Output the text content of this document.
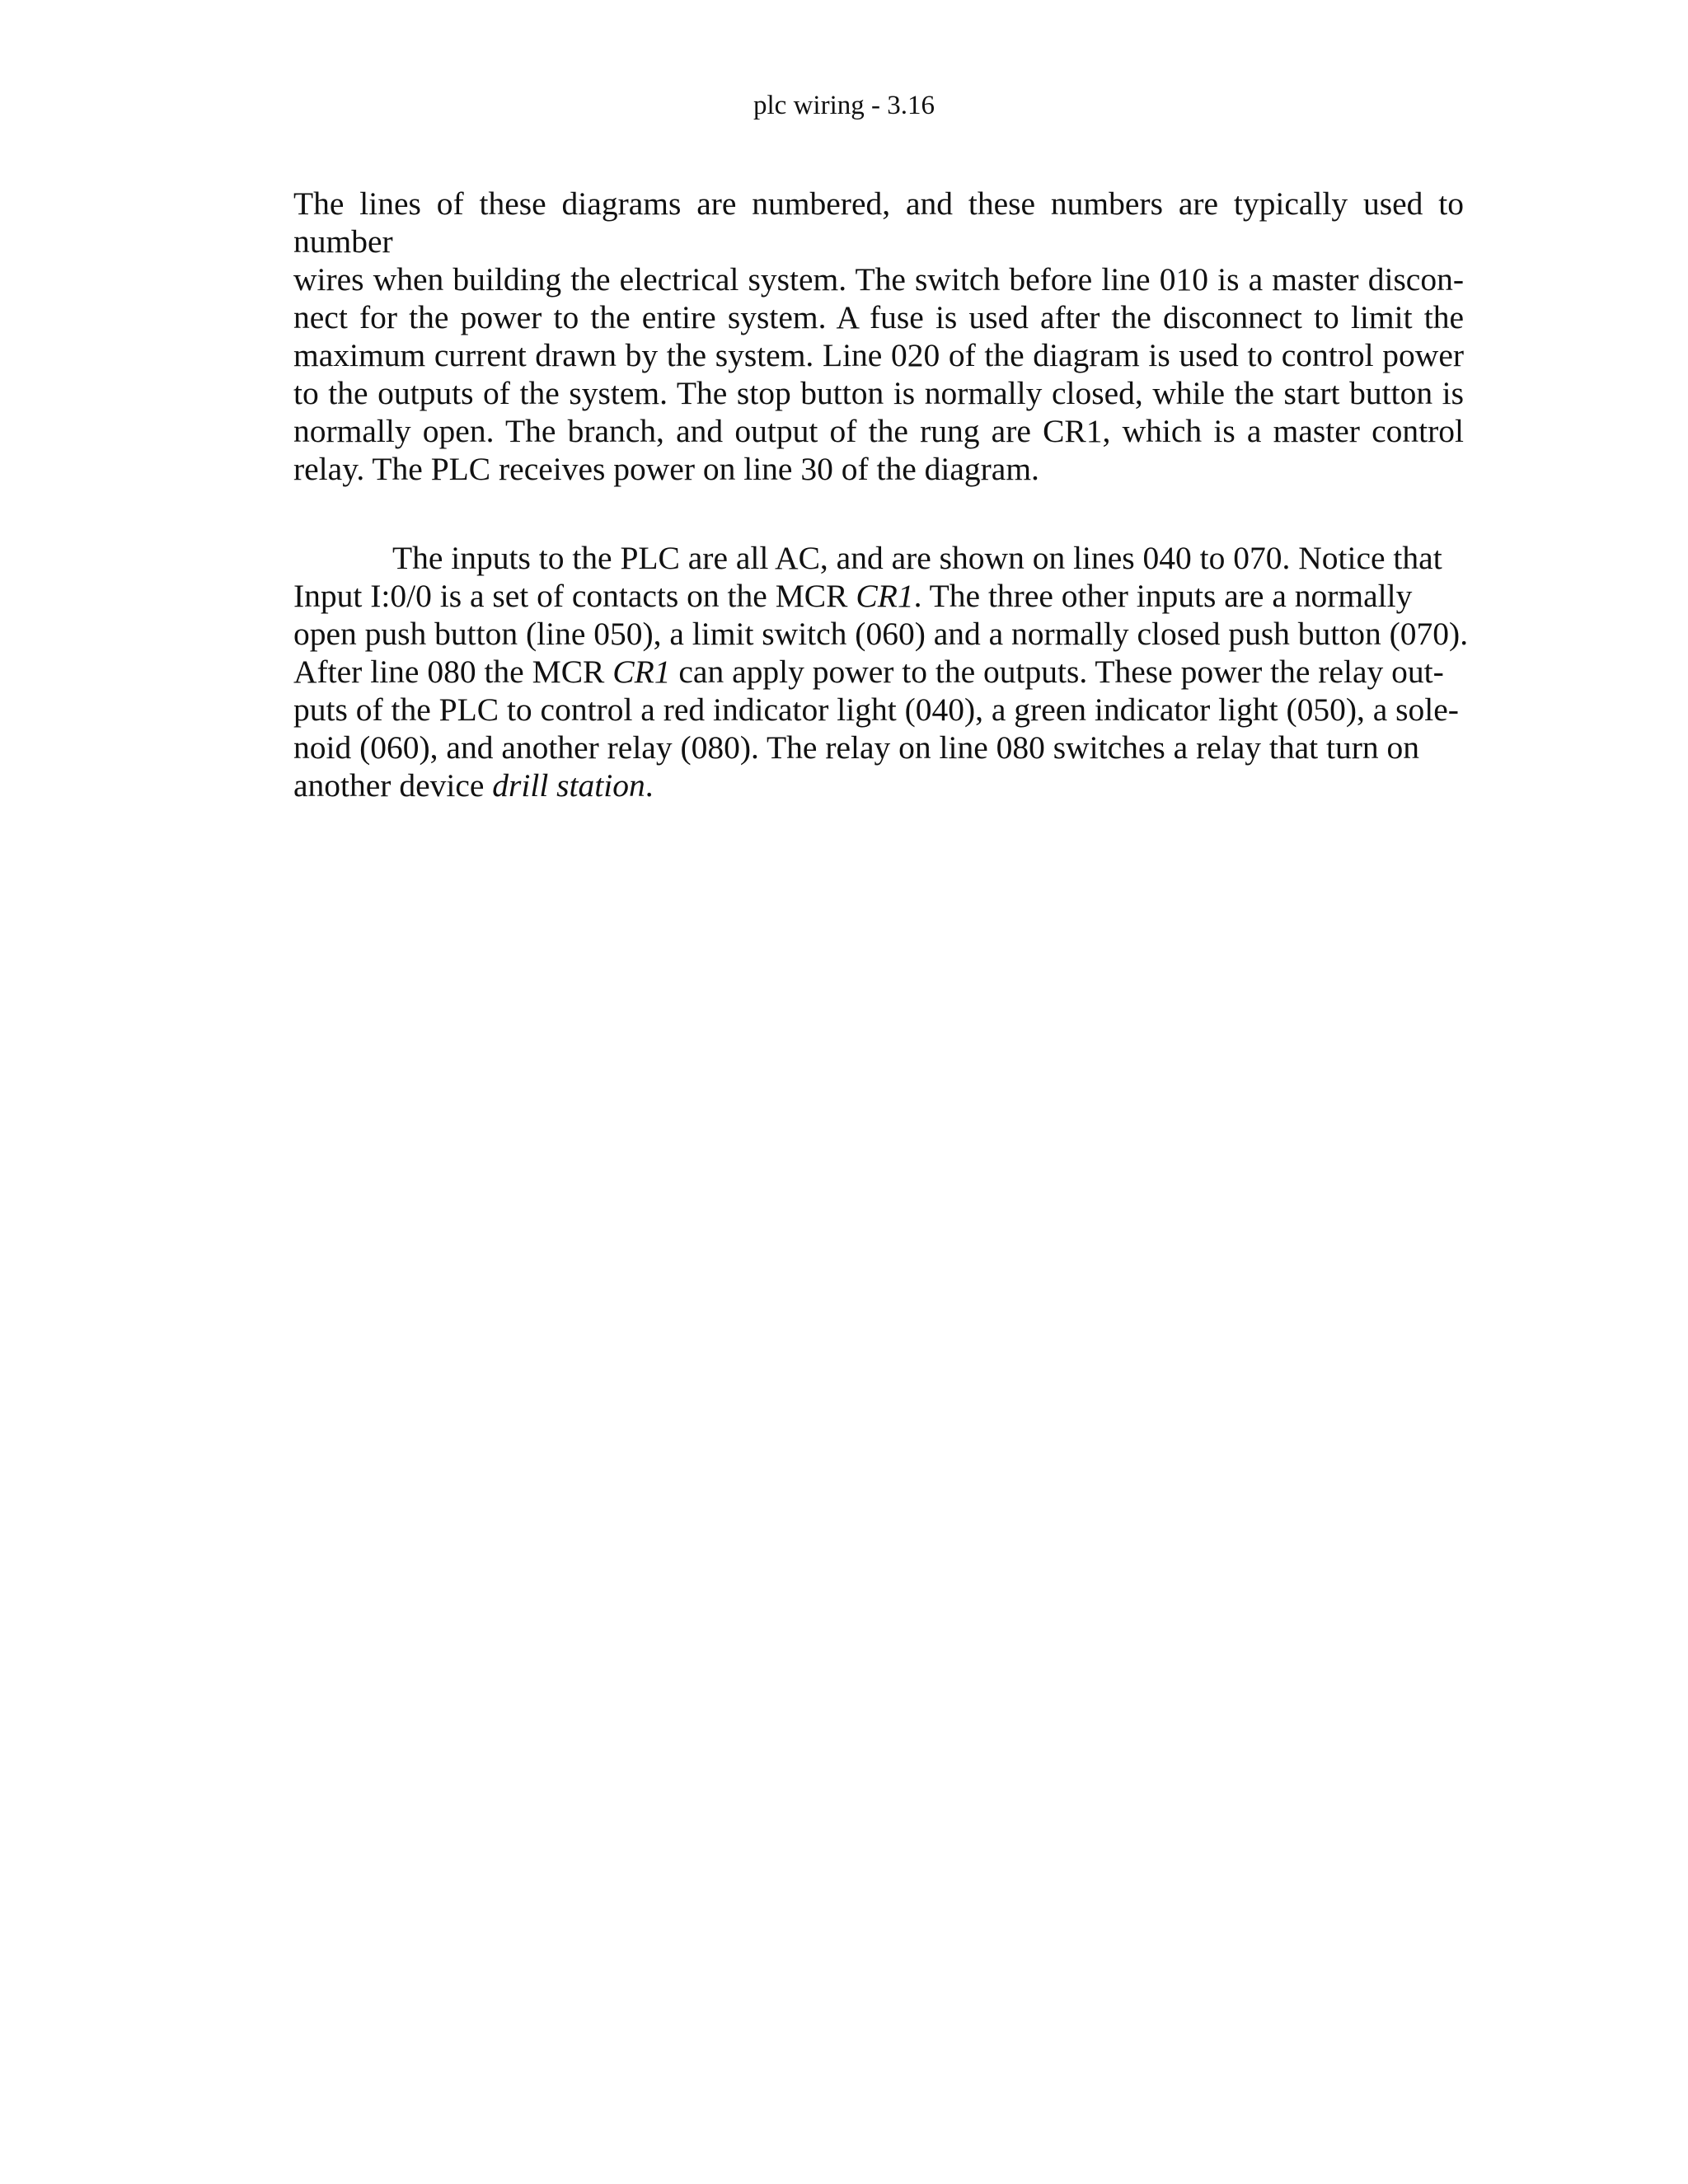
plc wiring - 3.16
The lines of these diagrams are numbered, and these numbers are typically used to number
wires when building the electrical system. The switch before line 010 is a master discon-
nect for the power to the entire system. A fuse is used after the disconnect to limit the
maximum current drawn by the system. Line 020 of the diagram is used to control power
to the outputs of the system. The stop button is normally closed, while the start button is
normally open. The branch, and output of the rung are CR1, which is a master control
relay. The PLC receives power on line 30 of the diagram.
The inputs to the PLC are all AC, and are shown on lines 040 to 070. Notice that
Input I:0/0 is a set of contacts on the MCR CR1. The three other inputs are a normally
open push button (line 050), a limit switch (060) and a normally closed push button (070).
After line 080 the MCR CR1 can apply power to the outputs. These power the relay out-
puts of the PLC to control a red indicator light (040), a green indicator light (050), a sole-
noid (060), and another relay (080). The relay on line 080 switches a relay that turn on
another device drill station.
